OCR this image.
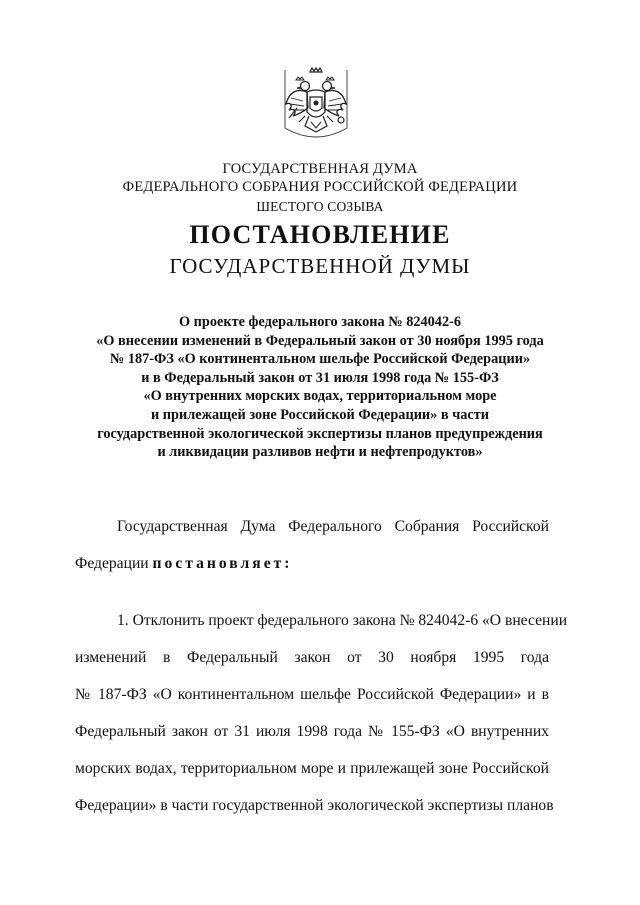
ГОСУДАРСТВЕННАЯ ДУМА
ФЕДЕРАЛЬНОГО СОБРАНИЯ РОССИЙСКОЙ ФЕДЕРАЦИИ
ШЕСТОГО СОЗЫВА
ПОСТАНОВЛЕНИЕ
ГОСУДАРСТВЕННОЙ ДУМЫ
О проекте федерального закона № 824042-6
«О внесении изменений в Федеральный закон от 30 ноября 1995 года
№ 187-ФЗ «О континентальном шельфе Российской Федерации»
и в Федеральный закон от 31 июля 1998 года № 155-ФЗ
«О внутренних морских водах, территориальном море
и прилежащей зоне Российской Федерации» в части
государственной экологической экспертизы планов предупреждения
и ликвидации разливов нефти и нефтепродуктов»
Государственная Дума Федерального Собрания Российской
Федерации постановляет:
1. Отклонить проект федерального закона № 824042-6 «О внесении
изменений в Федеральный закон от 30 ноября 1995 года
№ 187-ФЗ «О континентальном шельфе Российской Федерации» и в
Федеральный закон от 31 июля 1998 года № 155-ФЗ «О внутренних
морских водах, территориальном море и прилежащей зоне Российской
Федерации» в части государственной экологической экспертизы планов
